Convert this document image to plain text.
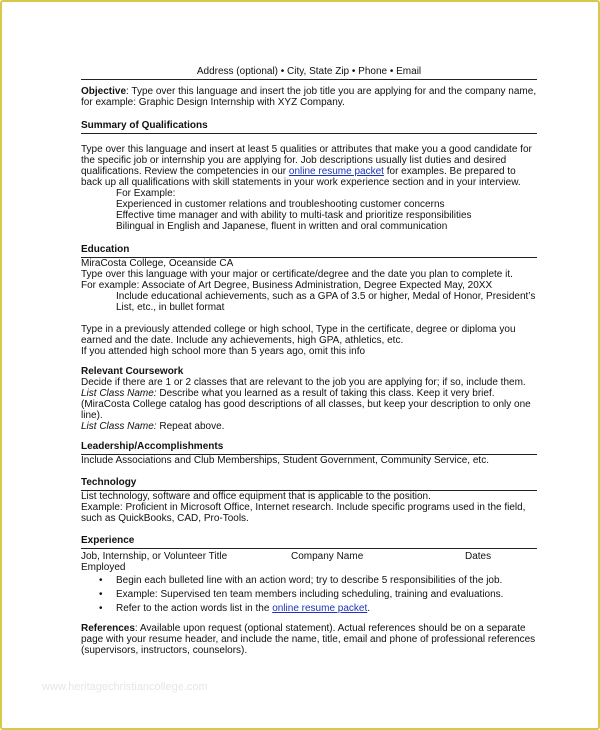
Address (optional) • City, State Zip • Phone • Email

Objective: Type over this language and insert the job title you are applying for and the company name, for example: Graphic Design Internship with XYZ Company.

Summary of Qualifications

Type over this language and insert at least 5 qualities or attributes that make you a good candidate for the specific job or internship you are applying for. Job descriptions usually list duties and desired qualifications. Review the competencies in our online resume packet for examples. Be prepared to back up all qualifications with skill statements in your work experience section and in your interview.

For Example:
Experienced in customer relations and troubleshooting customer concerns
Effective time manager and with ability to multi-task and prioritize responsibilities
Bilingual in English and Japanese, fluent in written and oral communication
Education
MiraCosta College, Oceanside CA
Type over this language with your major or certificate/degree and the date you plan to complete it.
For example: Associate of Art Degree, Business Administration, Degree Expected May, 20XX
Include educational achievements, such as a GPA of 3.5 or higher, Medal of Honor, President’s List, etc., in bullet format
Type in a previously attended college or high school, Type in the certificate, degree or diploma you earned and the date. Include any achievements, high GPA, athletics, etc.
If you attended high school more than 5 years ago, omit this info
Relevant Coursework
Decide if there are 1 or 2 classes that are relevant to the job you are applying for; if so, include them.
List Class Name: Describe what you learned as a result of taking this class. Keep it very brief. (MiraCosta College catalog has good descriptions of all classes, but keep your description to only one line).
List Class Name: Repeat above.
Leadership/Accomplishments
Include Associations and Club Memberships, Student Government, Community Service, etc.
Technology
List technology, software and office equipment that is applicable to the position.
Example: Proficient in Microsoft Office, Internet research. Include specific programs used in the field, such as QuickBooks, CAD, Pro-Tools.
Experience
Job, Internship, or Volunteer Title	Company Name	Dates
Employed
• Begin each bulleted line with an action word; try to describe 5 responsibilities of the job.
• Example: Supervised ten team members including scheduling, training and evaluations.
• Refer to the action words list in the online resume packet.

References: Available upon request (optional statement). Actual references should be on a separate page with your resume header, and include the name, title, email and phone of professional references (supervisors, instructors, counselors).

www.heritagechristiancollege.com
